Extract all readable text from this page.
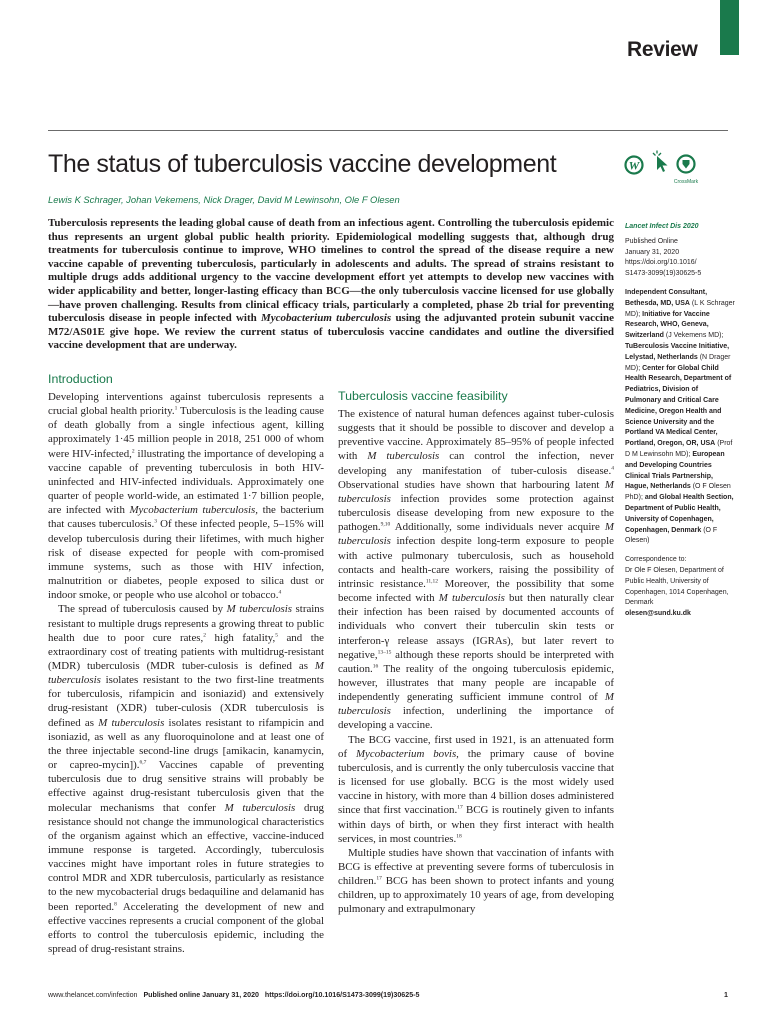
Review
The status of tuberculosis vaccine development	W
CrossMark
Lewis K Schrager, Johan Vekemens, Nick Drager, David M Lewinsohn, Ole F Olesen

Tuberculosis represents the leading global cause of death from an infectious agent. Controlling the tuberculosis epidemic thus represents an urgent global public health priority. Epidemiological modelling suggests that, although drug treatments for tuberculosis continue to improve, WHO timelines to control the spread of the disease require a new vaccine capable of preventing tuberculosis, particularly in adolescents and adults. The spread of strains resistant to multiple drugs adds additional urgency to the vaccine development effort yet attempts to develop new vaccines with wider applicability and better, longer-lasting efficacy than BCG—the only tuberculosis vaccine licensed for use globally—have proven challenging. Results from clinical efficacy trials, particularly a completed, phase 2b trial for preventing tuberculosis disease in people infected with Mycobacterium tuberculosis using the adjuvanted protein subunit vaccine M72/AS01E give hope. We review the current status of tuberculosis vaccine candidates and outline the diversified vaccine development that are underway.

Lancet Infect Dis 2020

Published Online

January 31, 2020

https://doi.org/10.1016/
S1473-3099(19)30625-5

Independent Consultant, Bethesda, MD, USA (L K Schrager MD); Initiative for Vaccine Research, WHO, Geneva, Switzerland (J Vekemens MD); TuBerculosis Vaccine Initiative, Lelystad, Netherlands (N Drager MD); Center for Global Child Health Research, Department of Pediatrics, Division of Pulmonary and Critical Care Medicine, Oregon Health and Science University and the Portland VA Medical Center, Portland, Oregon, OR, USA (Prof D M Lewinsohn MD); European and Developing Countries Clinical Trials Partnership, Hague, Netherlands (O F Olesen PhD); and Global Health Section, Department of Public Health, University of Copenhagen, Copenhagen, Denmark (O F Olesen)

Correspondence to:

Dr Ole F Olesen, Department of Public Health, University of Copenhagen, 1014 Copenhagen, Denmark

olesen@sund.ku.dk

Introduction

Developing interventions against tuberculosis represents a crucial global health priority.$^1$ Tuberculosis is the leading cause of death globally from a single infectious agent, killing approximately 1·45 million people in 2018, 251 000 of whom were HIV-infected,$^2$ illustrating the importance of developing a vaccine capable of preventing tuberculosis in both HIV-uninfected and HIV-infected individuals. Approximately one quarter of people world-wide, an estimated 1·7 billion people, are infected with Mycobacterium tuberculosis, the bacterium that causes tuberculosis.$^3$ Of these infected people, 5–15% will develop tuberculosis during their lifetimes, with much higher risk of disease expected for people with com-promised immune systems, such as those with HIV infection, malnutrition or diabetes, people exposed to silica dust or indoor smoke, or people who use alcohol or tobacco.$^4$

The spread of tuberculosis caused by M tuberculosis strains resistant to multiple drugs represents a growing threat to public health due to poor cure rates,$^2$ high fatality,$^5$ and the extraordinary cost of treating patients with multidrug-resistant (MDR) tuberculosis (MDR tuber-culosis is defined as M tuberculosis isolates resistant to the two first-line treatments for tuberculosis, rifampicin and isoniazid) and extensively drug-resistant (XDR) tuber-culosis (XDR tuberculosis is defined as M tuberculosis isolates resistant to rifampicin and isoniazid, as well as any fluoroquinolone and at least one of the three injectable second-line drugs [amikacin, kanamycin, or capreo-mycin]).$^{6,7}$ Vaccines capable of preventing tuberculosis due to drug sensitive strains will probably be effective against drug-resistant tuberculosis given that the molecular mechanisms that confer M tuberculosis drug resistance should not change the immunological characteristics of the organism against which an effective, vaccine-induced immune response is targeted. Accordingly, tuberculosis vaccines might have important roles in future strategies to control MDR and XDR tuberculosis, particularly as resistance to the new mycobacterial drugs bedaquiline and delamanid has been reported.$^8$ Accelerating the development of new and effective vaccines represents a crucial component of the global efforts to control the tuberculosis epidemic, including the spread of drug-resistant strains.

Tuberculosis vaccine feasibility

The existence of natural human defences against tuber-culosis suggests that it should be possible to discover and develop a preventive vaccine. Approximately 85–95% of people infected with M tuberculosis can control the infection, never developing any manifestation of tuber-culosis disease.$^4$ Observational studies have shown that harbouring latent M tuberculosis infection provides some protection against tuberculosis disease developing from new exposure to the pathogen.$^{9,10}$ Additionally, some individuals never acquire M tuberculosis infection despite long-term exposure to people with active pulmonary tuberculosis, such as household contacts and health-care workers, raising the possibility of intrinsic resistance.$^{11,12}$ Moreover, the possibility that some become infected with M tuberculosis but then naturally clear their infection has been raised by documented accounts of individuals who convert their tuberculin skin tests or interferon-γ release assays (IGRAs), but later revert to negative,$^{13-15}$ although these reports should be interpreted with caution.$^{16}$ The reality of the ongoing tuberculosis epidemic, however, illustrates that many people are incapable of independently generating sufficient immune control of M tuberculosis infection, underlining the importance of developing a vaccine.

The BCG vaccine, first used in 1921, is an attenuated form of Mycobacterium bovis, the primary cause of bovine tuberculosis, and is currently the only tuberculosis vaccine that is licensed for use globally. BCG is the most widely used vaccine in history, with more than 4 billion doses administered since that first vaccination.$^{17}$ BCG is routinely given to infants within days of birth, or when they first interact with health services, in most countries.$^{18}$

Multiple studies have shown that vaccination of infants with BCG is effective at preventing severe forms of tuberculosis in children.$^{17}$ BCG has been shown to protect infants and young children, up to approximately 10 years of age, from developing pulmonary and extrapulmonary

www.thelancet.com/infection Published online January 31, 2020 https://doi.org/10.1016/S1473-3099(19)30625-5	1
